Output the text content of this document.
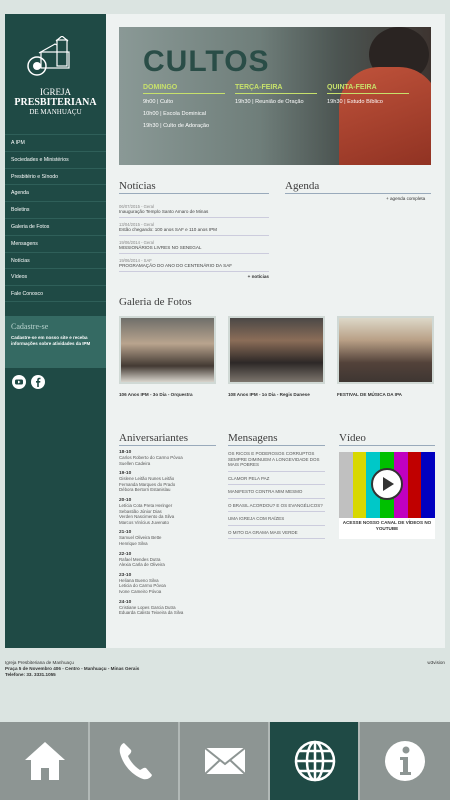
IGREJA
PRESBITERIANA
DE MANHUAÇU
A IPM
Sociedades e Ministérios
Presbitério e Sínodo
Agenda
Boletins
Galeria de Fotos
Mensagens
Notícias
Vídeos
Fale Conosco
Cadastre-se
Cadastre-se em nosso site e receba informações sobre atividades da IPM
CULTOS
DOMINGO
9h00 | Culto
10h00 | Escola Dominical
19h30 | Culto de Adoração
TERÇA-FEIRA
19h30 | Reunião de Oração
QUINTA-FEIRA
19h30 | Estudo Bíblico
Notícias
06/07/2015 - Geral
Inauguração Templo Santo Amaro de Minas
13/04/2015 - Geral
Estão chegando: 100 anos SAF e 110 anos IPM
19/06/2014 - Geral
MISSIONÁRIOS LIVRES NO SENEGAL
19/06/2014 - SAF
PROGRAMAÇÃO DO ANO DO CENTENÁRIO DA SAF
+ notícias
Agenda
+ agenda completa
Galeria de Fotos
106 Anos IPM - 3o Dia - Orquestra	108 Anos IPM - 1o Dia - Regis Danese	FESTIVAL DE MÚSICA DA IPA
Aniversariantes
18-10
Carlos Roberto do Carmo Póvoa
Suellen Cadeira
19-10
Gislene Leitão Nunes Leitão
Fernanda Marques do Prado
Débora Bertorri Estanislau
20-10
Letícia Cota Preta Heringer
Sebastião Júnior Dias
Verden Nascimento da Silva
Marcos Vinícius Juvenato
21-10
Samuel Oliveira Bette
Henrique Silva
22-10
Rafael Mendes Dutra
Alexia Carla de Oliveira
23-10
Heliana Bueno Silva
Leticia do Carmo Póvoa
Ivone Cameiro Póvoa
24-10
Cristiane Lopes Garcia Dutra
Eduarda Calisto Teixeira da Silva
Mensagens
OS RICOS E PODEROSOS CORRUPTOS SEMPRE DIMINUEM A LONGEVIDADE DOS MAIS POBRES
CLAMOR PELA PAZ
MANIFESTO CONTRA MIM MESMO
O BRASIL ACORDOU? E OS EVANGÉLICOS?
UMA IGREJA COM RAÍZES
O MITO DA GRAMA MAIS VERDE
Vídeo
ACESSE NOSSO CANAL DE VÍDEOS NO YOUTUBE
Igreja Presbiteriana de Manhuaçu
Praça 5 de Novembro 406 - Centro - Manhuaçu - Minas Gerais
Telefone: 33. 3331.1055
w3vision
